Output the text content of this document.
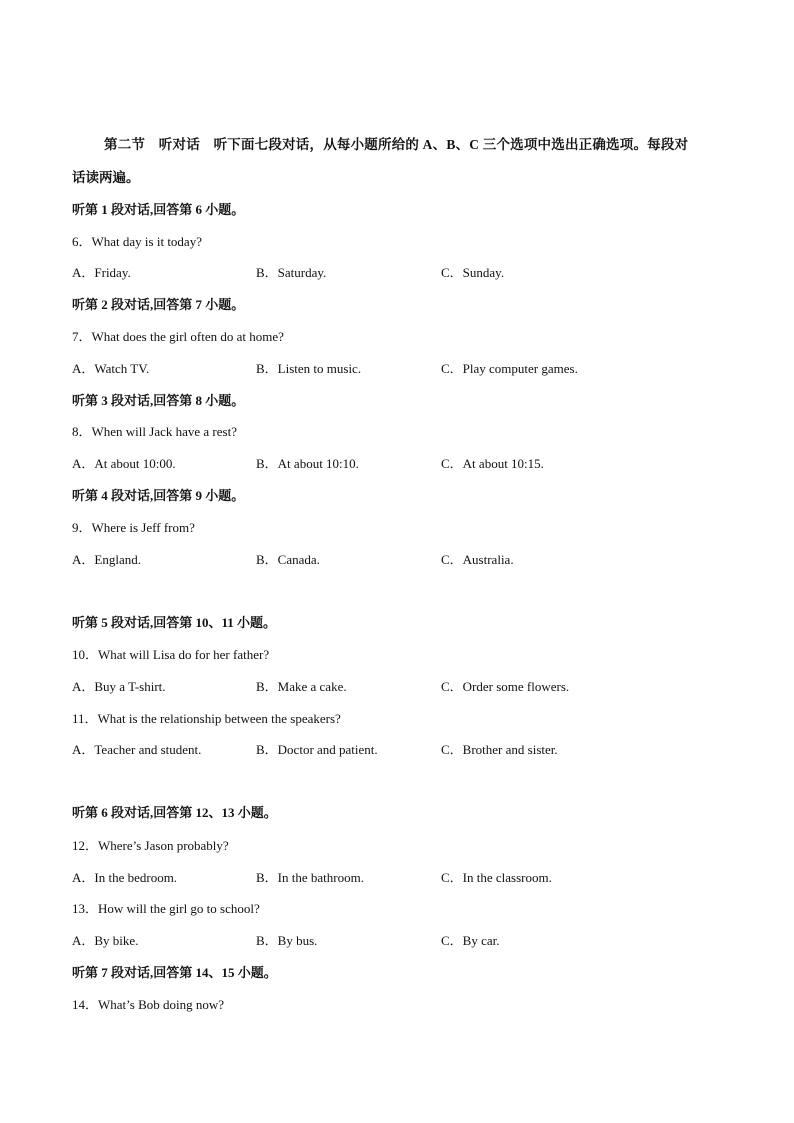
第二节　听对话　听下面七段对话，从每小题所给的 A、B、C 三个选项中选出正确选项。每段对
话读两遍。
听第 1 段对话,回答第 6 小题。
6．What day is it today?
A．Friday.	B．Saturday.	C．Sunday.
听第 2 段对话,回答第 7 小题。
7．What does the girl often do at home?
A．Watch TV.	B．Listen to music.	C．Play computer games.
听第 3 段对话,回答第 8 小题。
8．When will Jack have a rest?
A．At about 10:00.	B．At about 10:10.	C．At about 10:15.
听第 4 段对话,回答第 9 小题。
9．Where is Jeff from?
A．England.	B．Canada.	C．Australia.
听第 5 段对话,回答第 10、11 小题。
10．What will Lisa do for her father?
A．Buy a T-shirt.	B．Make a cake.	C．Order some flowers.
11．What is the relationship between the speakers?
A．Teacher and student.	B．Doctor and patient.	C．Brother and sister.
听第 6 段对话,回答第 12、13 小题。
12．Where’s Jason probably?
A．In the bedroom.	B．In the bathroom.	C．In the classroom.
13．How will the girl go to school?
A．By bike.	B．By bus.	C．By car.
听第 7 段对话,回答第 14、15 小题。
14．What’s Bob doing now?
